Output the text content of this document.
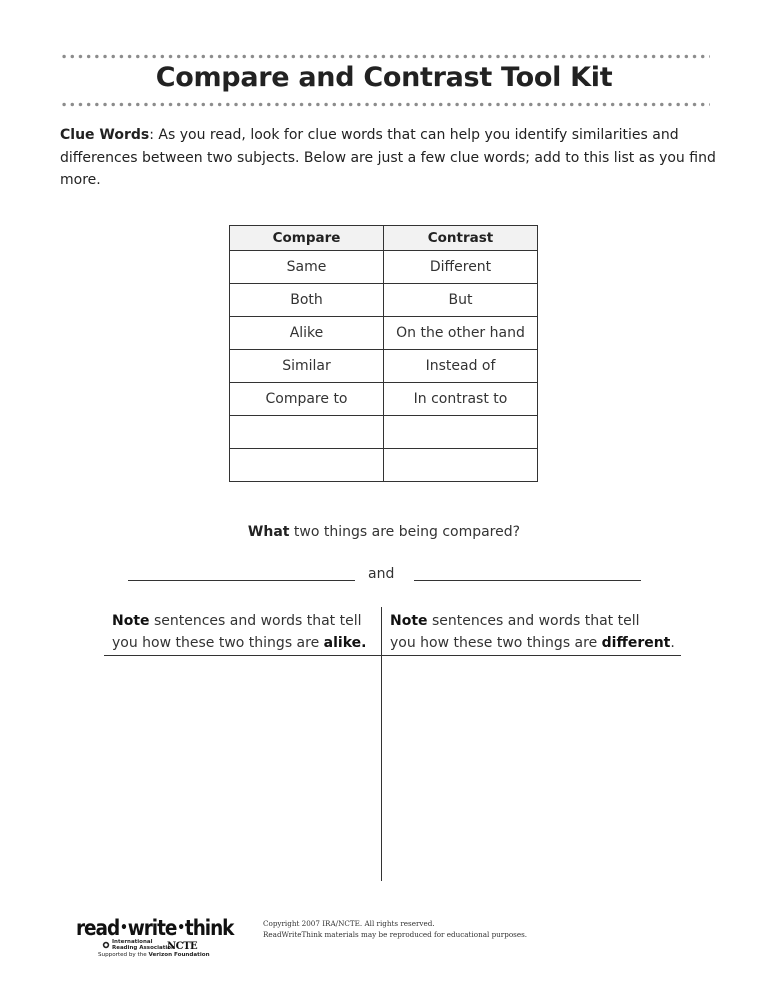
Compare and Contrast Tool Kit
Clue Words: As you read, look for clue words that can help you identify similarities and differences between two subjects. Below are just a few clue words; add to this list as you find more.
Compare	Contrast
Same	Different
Both	But
Alike	On the other hand
Similar	Instead of
Compare to	In contrast to

What two things are being compared?
and
Note sentences and words that tell
you how these two things are alike.
Note sentences and words that tell
you how these two things are different.
read•write•think
International
Reading Association
NCTE
Supported by the Verizon Foundation
Copyright 2007 IRA/NCTE. All rights reserved.
ReadWriteThink materials may be reproduced for educational purposes.
